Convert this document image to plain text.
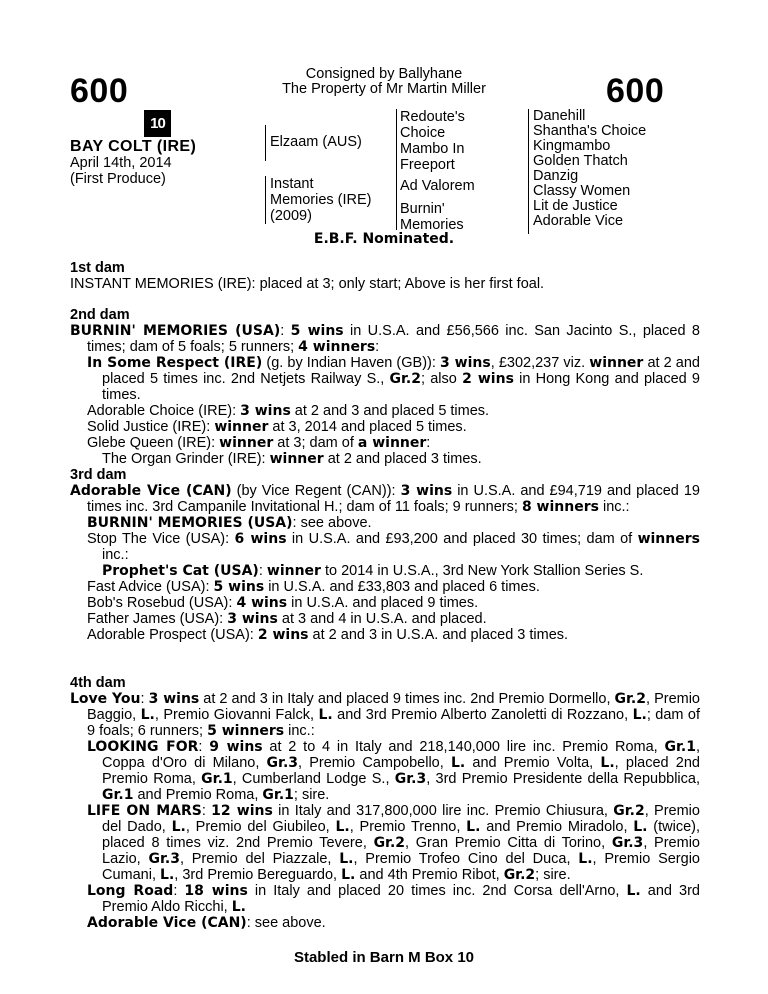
600	600
Consigned by Ballyhane
The Property of Mr Martin Miller
10
BAY COLT (IRE)
April 14th, 2014
(First Produce)
Elzaam (AUS)
Instant
Memories (IRE)
(2009)
Redoute's
Choice
Mambo In
Freeport
Ad Valorem
Burnin'
Memories
Danehill
Shantha's Choice
Kingmambo
Golden Thatch
Danzig
Classy Women
Lit de Justice
Adorable Vice
E.B.F. Nominated.

1st dam

INSTANT MEMORIES (IRE): placed at 3; only start; Above is her first foal.

2nd dam

BURNIN' MEMORIES (USA): 5 wins in U.S.A. and £56,566 inc. San Jacinto S., placed 8 times; dam of 5 foals; 5 runners; 4 winners:

In Some Respect (IRE) (g. by Indian Haven (GB)): 3 wins, £302,237 viz. winner at 2 and placed 5 times inc. 2nd Netjets Railway S., Gr.2; also 2 wins in Hong Kong and placed 9 times.

Adorable Choice (IRE): 3 wins at 2 and 3 and placed 5 times.

Solid Justice (IRE): winner at 3, 2014 and placed 5 times.

Glebe Queen (IRE): winner at 3; dam of a winner:

The Organ Grinder (IRE): winner at 2 and placed 3 times.

3rd dam

Adorable Vice (CAN) (by Vice Regent (CAN)): 3 wins in U.S.A. and £94,719 and placed 19 times inc. 3rd Campanile Invitational H.; dam of 11 foals; 9 runners; 8 winners inc.:

BURNIN' MEMORIES (USA): see above.

Stop The Vice (USA): 6 wins in U.S.A. and £93,200 and placed 30 times; dam of winners inc.:

Prophet's Cat (USA): winner to 2014 in U.S.A., 3rd New York Stallion Series S.

Fast Advice (USA): 5 wins in U.S.A. and £33,803 and placed 6 times.

Bob's Rosebud (USA): 4 wins in U.S.A. and placed 9 times.

Father James (USA): 3 wins at 3 and 4 in U.S.A. and placed.

Adorable Prospect (USA): 2 wins at 2 and 3 in U.S.A. and placed 3 times.

4th dam

Love You: 3 wins at 2 and 3 in Italy and placed 9 times inc. 2nd Premio Dormello, Gr.2, Premio Baggio, L., Premio Giovanni Falck, L. and 3rd Premio Alberto Zanoletti di Rozzano, L.; dam of 9 foals; 6 runners; 5 winners inc.:

LOOKING FOR: 9 wins at 2 to 4 in Italy and 218,140,000 lire inc. Premio Roma, Gr.1, Coppa d'Oro di Milano, Gr.3, Premio Campobello, L. and Premio Volta, L., placed 2nd Premio Roma, Gr.1, Cumberland Lodge S., Gr.3, 3rd Premio Presidente della Repubblica, Gr.1 and Premio Roma, Gr.1; sire.

LIFE ON MARS: 12 wins in Italy and 317,800,000 lire inc. Premio Chiusura, Gr.2, Premio del Dado, L., Premio del Giubileo, L., Premio Trenno, L. and Premio Miradolo, L. (twice), placed 8 times viz. 2nd Premio Tevere, Gr.2, Gran Premio Citta di Torino, Gr.3, Premio Lazio, Gr.3, Premio del Piazzale, L., Premio Trofeo Cino del Duca, L., Premio Sergio Cumani, L., 3rd Premio Bereguardo, L. and 4th Premio Ribot, Gr.2; sire.

Long Road: 18 wins in Italy and placed 20 times inc. 2nd Corsa dell'Arno, L. and 3rd Premio Aldo Ricchi, L.

Adorable Vice (CAN): see above.

Stabled in Barn M Box 10
